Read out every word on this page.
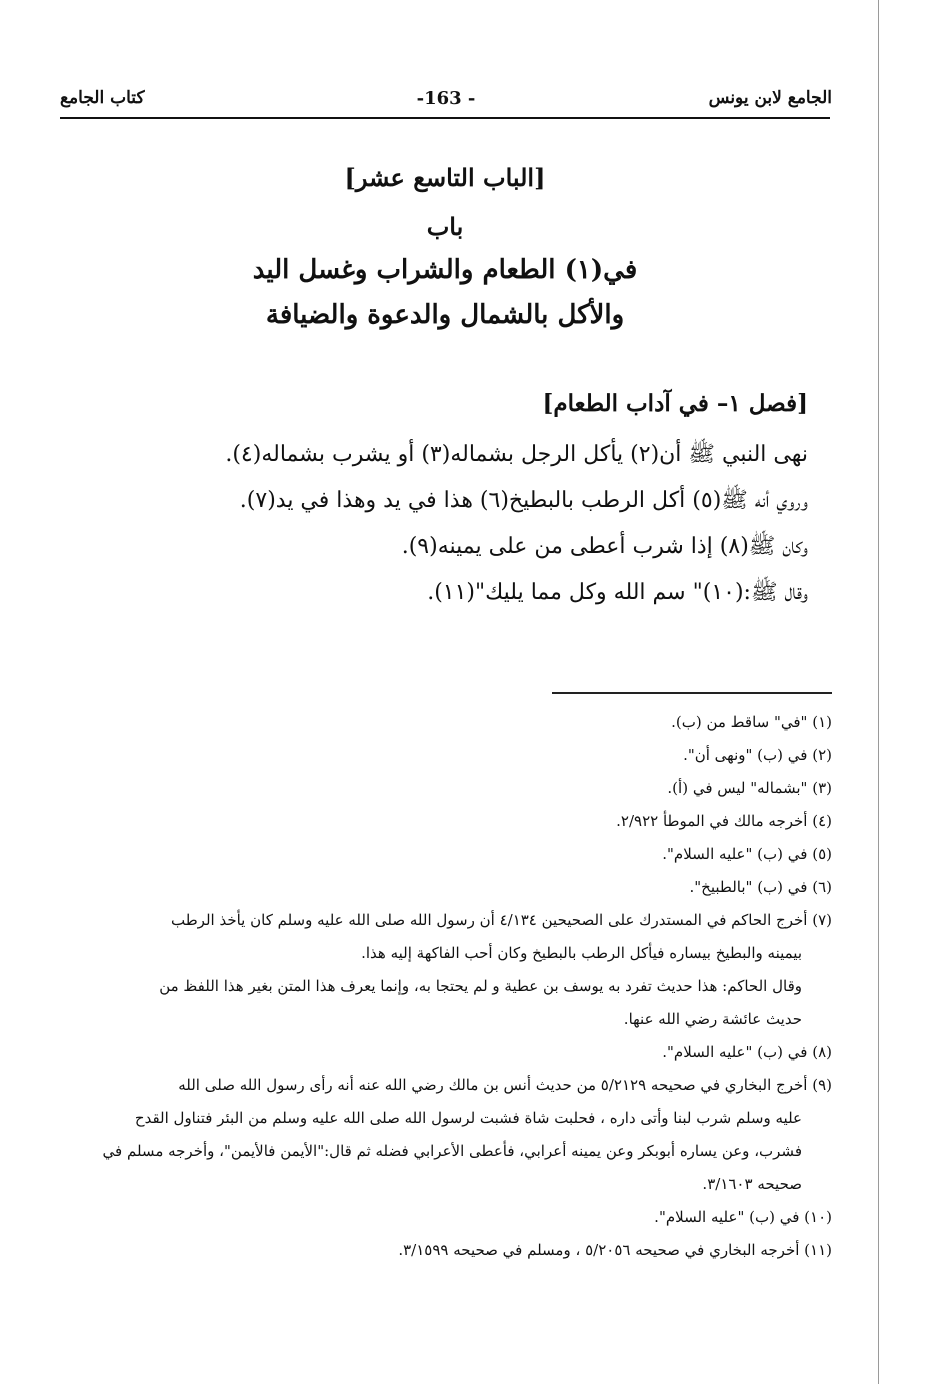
الجامع لابن يونس
-163 -
كتاب الجامع
[الباب التاسع عشر]
باب
في(١) الطعام والشراب وغسل اليد
والأكل بالشمال والدعوة والضيافة
[فصل ١– في آداب الطعام]
نهى النبي ﷺ أن(٢) يأكل الرجل بشماله(٣) أو يشرب بشماله(٤).
وروي أنه ﷺ(٥) أكل الرطب بالبطيخ(٦) هذا في يد وهذا في يد(٧).
وكان ﷺ(٨) إذا شرب أعطى من على يمينه(٩).
وقال ﷺ:(١٠)" سم الله وكل مما يليك"(١١).
(١) "في" ساقط من (ب).
(٢) في (ب) "ونهى أن".
(٣) "بشماله" ليس في (أ).
(٤) أخرجه مالك في الموطأ ٢/٩٢٢.
(٥) في (ب) "عليه السلام".
(٦) في (ب) "بالطبيخ".
(٧) أخرج الحاكم في المستدرك على الصحيحين ٤/١٣٤ أن رسول الله صلى الله عليه وسلم كان يأخذ الرطب
بيمينه والبطيخ بيساره فيأكل الرطب بالبطيخ وكان أحب الفاكهة إليه هذا.
وقال الحاكم: هذا حديث تفرد به يوسف بن عطية و لم يحتجا به، وإنما يعرف هذا المتن بغير هذا اللفظ من
حديث عائشة رضي الله عنها.
(٨) في (ب) "عليه السلام".
(٩) أخرج البخاري في صحيحه ٥/٢١٢٩ من حديث أنس بن مالك رضي الله عنه أنه رأى رسول الله صلى الله
عليه وسلم شرب لبنا وأتى داره ، فحلبت شاة فشبت لرسول الله صلى الله عليه وسلم من البئر فتناول القدح
فشرب، وعن يساره أبوبكر وعن يمينه أعرابي، فأعطى الأعرابي فضله ثم قال:"الأيمن فالأيمن"، وأخرجه مسلم في
صحيحه ٣/١٦٠٣.
(١٠) في (ب) "عليه السلام".
(١١) أخرجه البخاري في صحيحه ٥/٢٠٥٦ ، ومسلم في صحيحه ٣/١٥٩٩.
